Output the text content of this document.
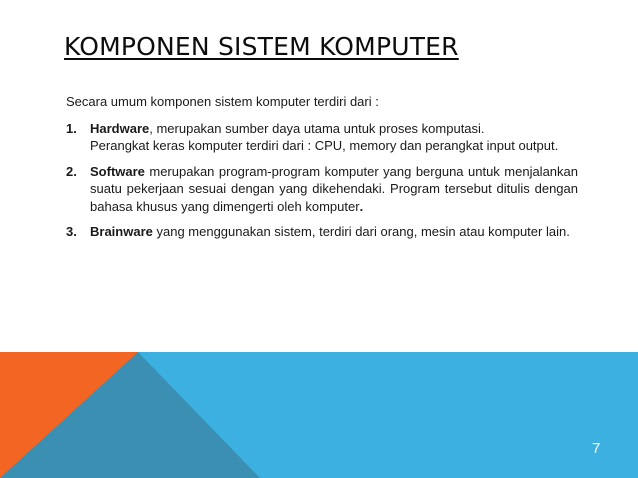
KOMPONEN SISTEM KOMPUTER

Secara umum komponen sistem komputer terdiri dari :

1. Hardware, merupakan sumber daya utama untuk proses komputasi.
Perangkat keras komputer terdiri dari : CPU, memory dan perangkat input output.
2. Software merupakan program-program komputer yang berguna untuk menjalankan suatu pekerjaan sesuai dengan yang dikehendaki. Program tersebut ditulis dengan bahasa khusus yang dimengerti oleh komputer.
3. Brainware yang menggunakan sistem, terdiri dari orang, mesin atau komputer lain.

7
